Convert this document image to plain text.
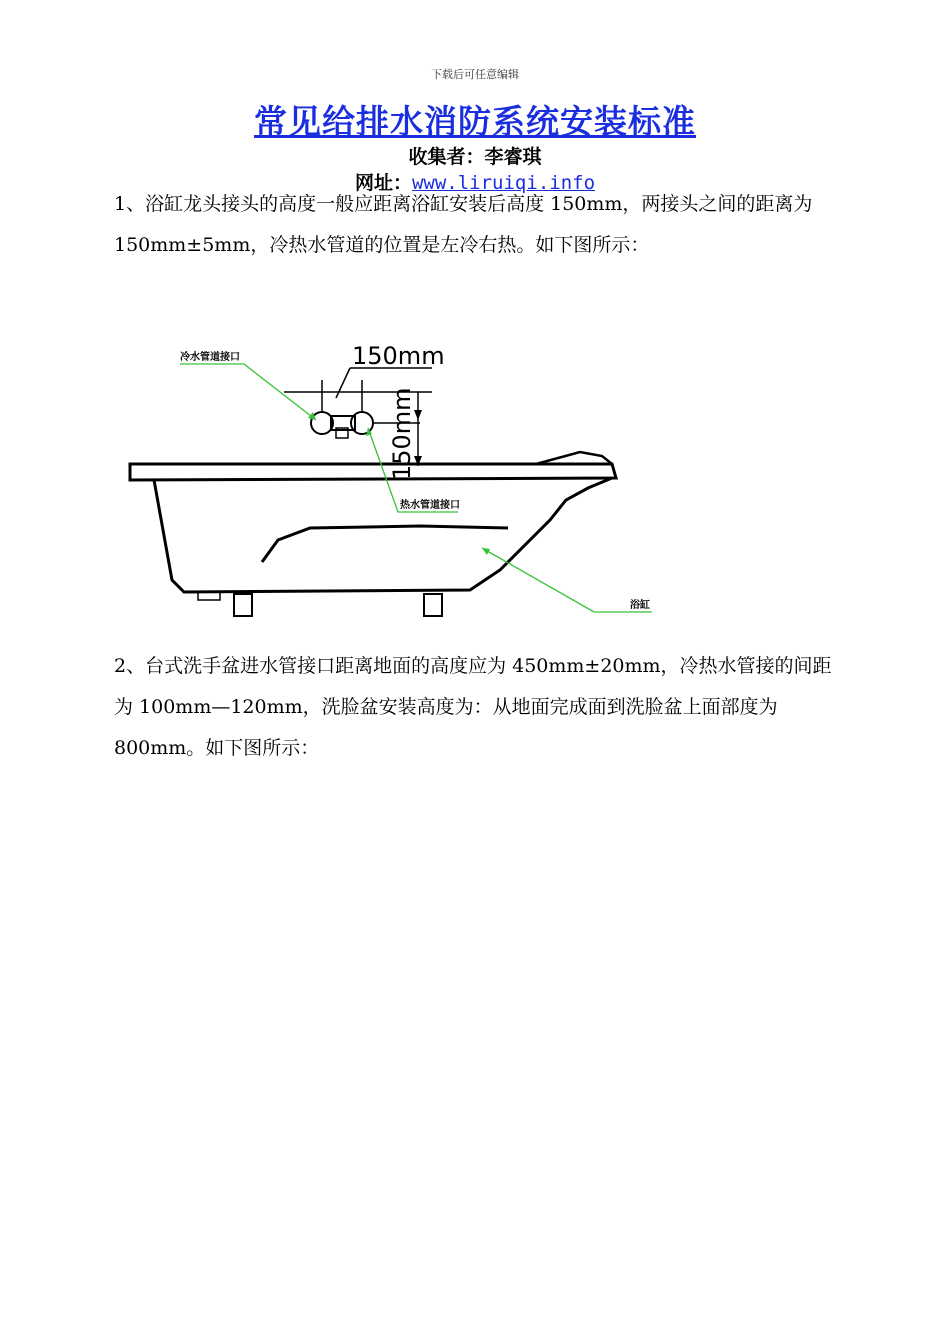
下载后可任意编辑
常见给排水消防系统安装标准
收集者：李睿琪
网址：www.liruiqi.info

1、浴缸龙头接头的高度一般应距离浴缸安装后高度 150mm，两接头之间的距离为 150mm±5mm，冷热水管道的位置是左冷右热。如下图所示：

150mm
150mm
冷水管道接口
热水管道接口
浴缸

2、台式洗手盆进水管接口距离地面的高度应为 450mm±20mm，冷热水管接的间距为 100mm—120mm，洗脸盆安装高度为：从地面完成面到洗脸盆上面部度为 800mm。如下图所示：
